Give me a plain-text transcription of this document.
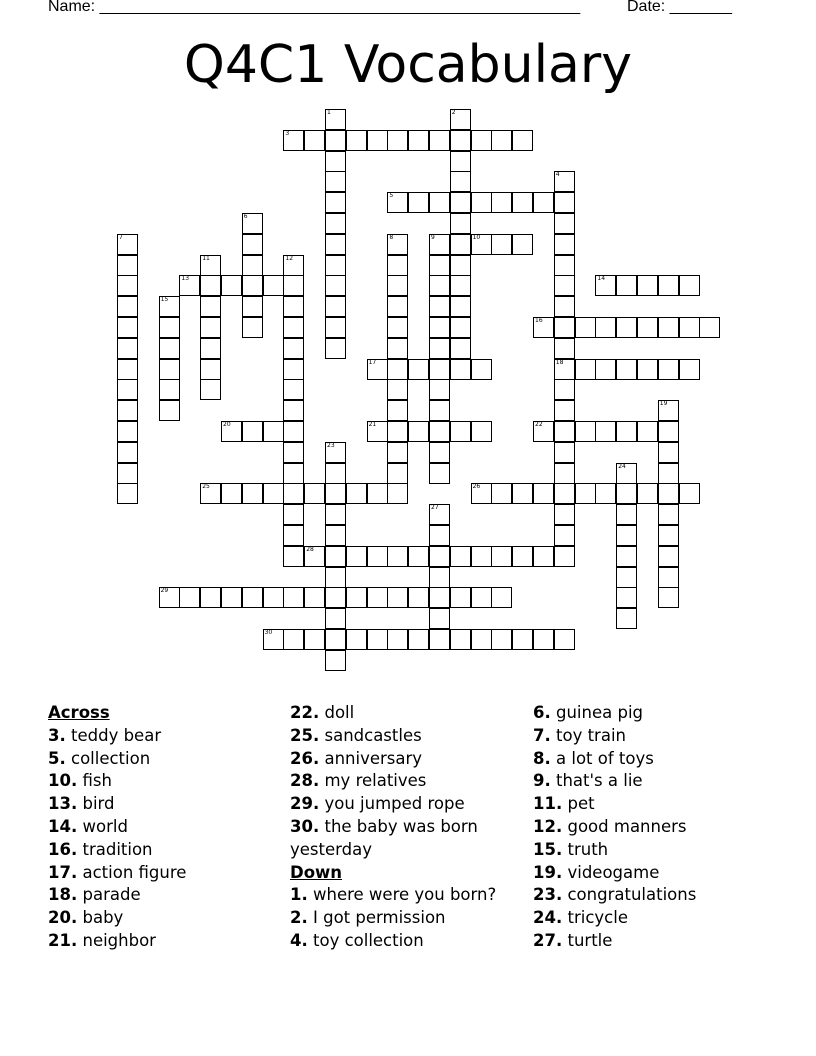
Name: ______________________________________________________	Date: _______
Q4C1 Vocabulary
3
5
10
13	14
16
17	18
20	21	22
25	26
28
29
30
1	2
4
6
7	8	9
11	12
15
19
23
24
27
Across
3. teddy bear
5. collection
10. fish
13. bird
14. world
16. tradition
17. action figure
18. parade
20. baby
21. neighbor
22. doll
25. sandcastles
26. anniversary
28. my relatives
29. you jumped rope
30. the baby was born
yesterday
Down
1. where were you born?
2. I got permission
4. toy collection
6. guinea pig
7. toy train
8. a lot of toys
9. that's a lie
11. pet
12. good manners
15. truth
19. videogame
23. congratulations
24. tricycle
27. turtle
